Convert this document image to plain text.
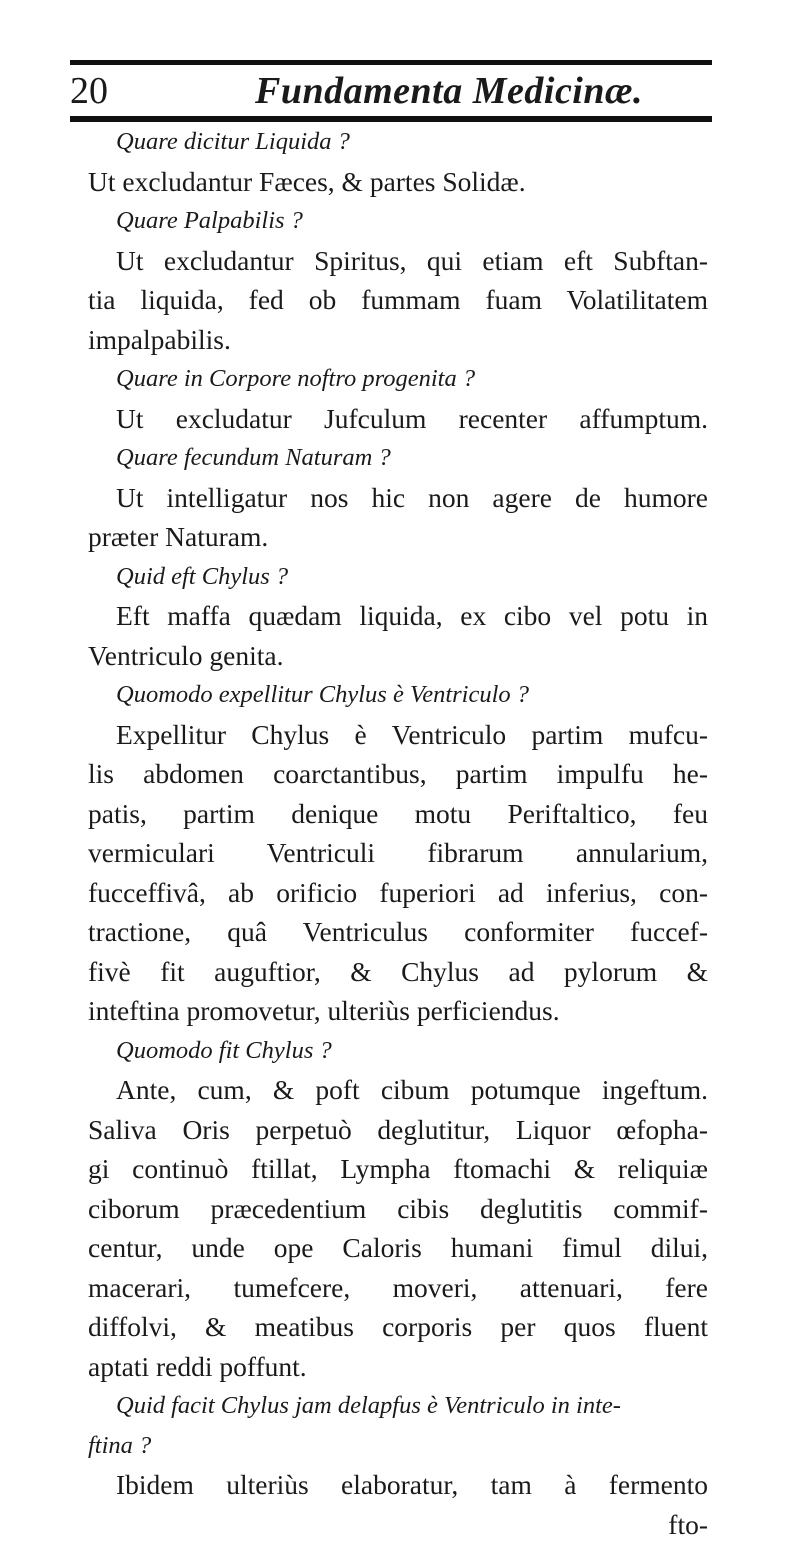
20	Fundamenta Medicinæ.
Quare dicitur Liquida ?
Ut excludantur Fæces, & partes Solidæ.
Quare Palpabilis ?
Ut excludantur Spiritus, qui etiam eft Subftan-
tia liquida, fed ob fummam fuam Volatilitatem
impalpabilis.
Quare in Corpore noftro progenita ?
Ut excludatur Jufculum recenter affumptum.
Quare fecundum Naturam ?
Ut intelligatur nos hic non agere de humore
præter Naturam.
Quid eft Chylus ?
Eft maffa quædam liquida, ex cibo vel potu in
Ventriculo genita.
Quomodo expellitur Chylus è Ventriculo ?
Expellitur Chylus è Ventriculo partim mufcu-
lis abdomen coarctantibus, partim impulfu he-
patis, partim denique motu Periftaltico, feu
vermiculari Ventriculi fibrarum annularium,
fucceffivâ, ab orificio fuperiori ad inferius, con-
tractione, quâ Ventriculus conformiter fuccef-
fivè fit auguftior, & Chylus ad pylorum &
inteftina promovetur, ulteriùs perficiendus.
Quomodo fit Chylus ?
Ante, cum, & poft cibum potumque ingeftum.
Saliva Oris perpetuò deglutitur, Liquor œfopha-
gi continuò ftillat, Lympha ftomachi & reliquiæ
ciborum præcedentium cibis deglutitis commif-
centur, unde ope Caloris humani fimul dilui,
macerari, tumefcere, moveri, attenuari, fere
diffolvi, & meatibus corporis per quos fluent
aptati reddi poffunt.
Quid facit Chylus jam delapfus è Ventriculo in inte-
ftina ?
Ibidem ulteriùs elaboratur, tam à fermento
fto-
